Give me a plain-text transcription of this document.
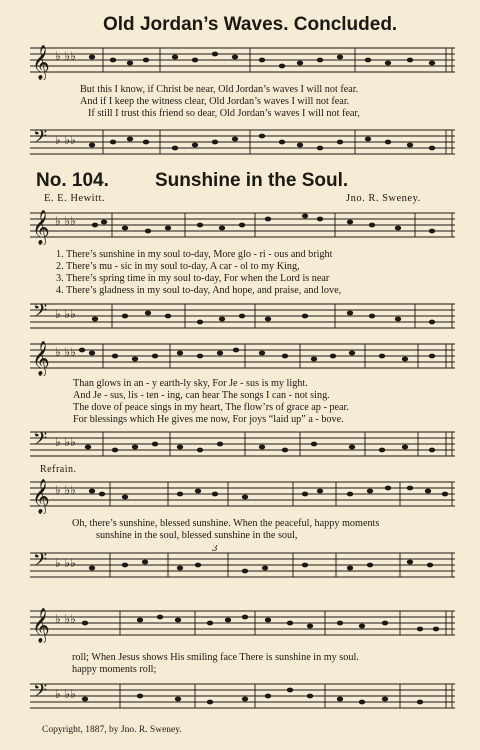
Old Jordan’s Waves. Concluded.
𝄞 ♭ ♭♭
But this I know, if Christ be near, Old Jordan’s waves I will not fear.
And if I keep the witness clear, Old Jordan’s waves I will not fear.
If still I trust this friend so dear, Old Jordan’s waves I will not fear,
𝄢 ♭ ♭♭
No. 104. Sunshine in the Soul.
E. E. Hewitt.	Jno. R. Sweney.
𝄞 ♭ ♭♭
1. There’s sunshine in my soul to-day, More glo - ri - ous and bright
2. There’s mu - sic in my soul to-day, A car - ol to my King,
3. There’s spring time in my soul to-day, For when the Lord is near
4. There’s gladness in my soul to-day, And hope, and praise, and love,
𝄢 ♭ ♭♭
𝄞 ♭ ♭♭
Than glows in an - y earth-ly sky, For Je - sus is my light.
And Je - sus, lis - ten - ing, can hear The songs I can - not sing.
The dove of peace sings in my heart, The flow’rs of grace ap - pear.
For blessings which He gives me now, For joys “laid up” a - bove.
𝄢 ♭ ♭♭
Refrain.
𝄞 ♭ ♭♭
Oh, there’s sunshine, blessed sunshine. When the peaceful, happy moments
sunshine in the soul, blessed sunshine in the soul,
𝄢 ♭ ♭♭
3
𝄞 ♭ ♭♭
roll; When Jesus shows His smiling face There is sunshine in my soul.
happy moments roll;
𝄢 ♭ ♭♭
Copyright, 1887, by Jno. R. Sweney.
